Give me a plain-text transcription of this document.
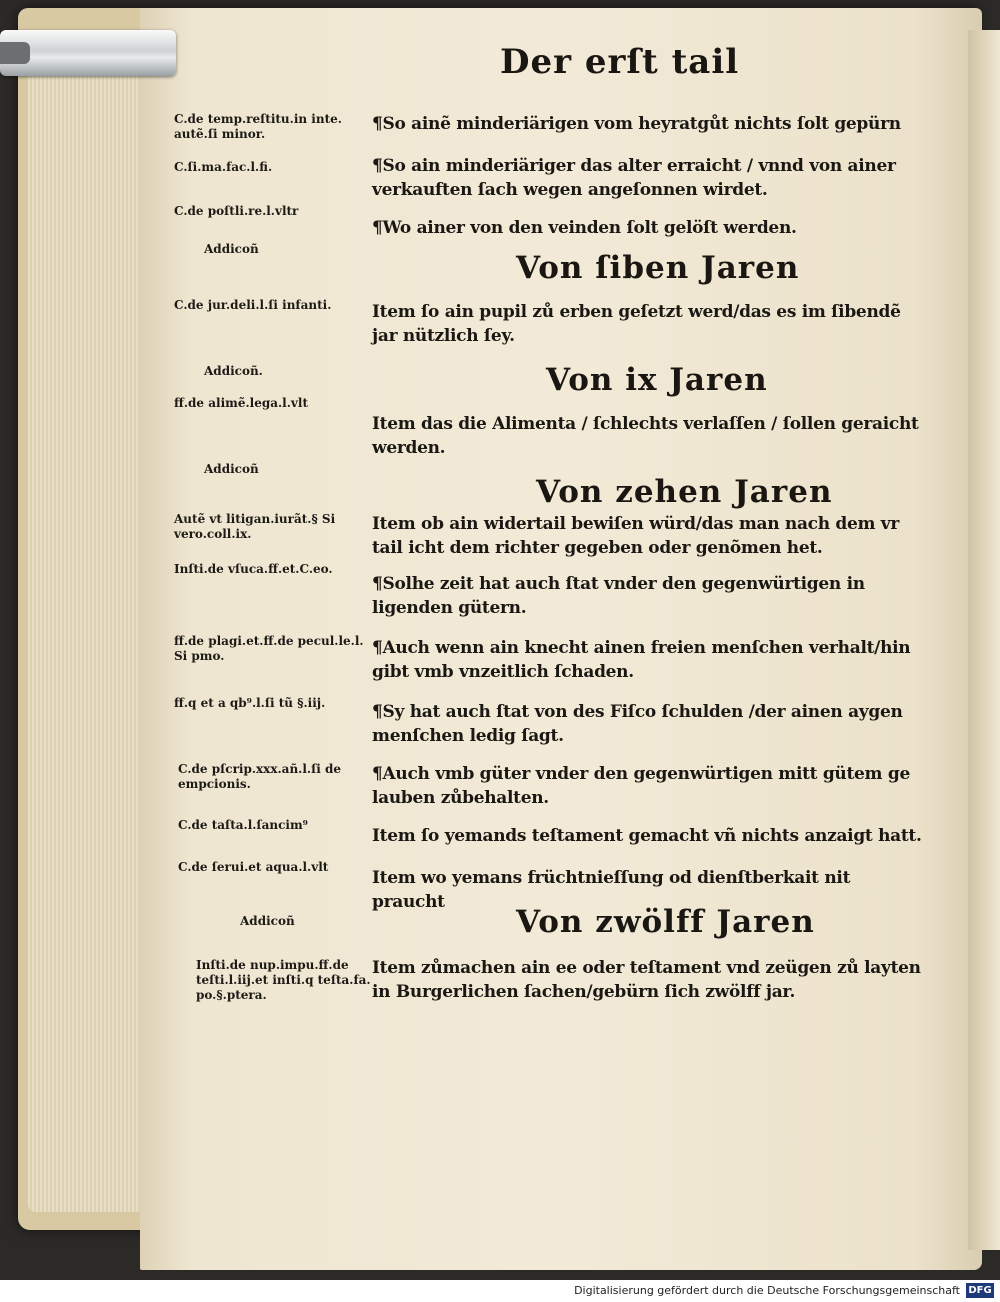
Der erſt tail
C.de temp.reſtitu.in inte. autẽ.ſi minor.
C.ſi.ma.fac.l.fi.
C.de poſtli.re.l.vltr
Addicoñ
C.de jur.deli.l.ſi infanti.
Addicoñ.
ff.de alimẽ.lega.l.vlt
Addicoñ
Autẽ vt litigan.iurãt.§ Si vero.coll.ix.
Inſti.de vſuca.ff.et.C.eo.
ff.de plagi.et.ff.de pecul.le.l. Si pmo.
ff.q et a qb⁹.l.ſi tũ §.iij.
C.de pſcrip.xxx.añ.l.ſi de empcionis.
C.de taſta.l.ſancim⁹
C.de ſerui.et aqua.l.vlt
Addicoñ
Inſti.de nup.impu.ff.de teſti.l.iij.et inſti.q teſta.fa. po.§.ptera.
¶So ainẽ minderiärigen vom heyratgůt nichts ſolt gepürn
¶So ain minderiäriger das alter erraicht / vnnd von ainer verkauften ſach wegen angeſonnen wirdet.
¶Wo ainer von den veinden ſolt gelöſt werden.
Von ſiben Jaren
Item ſo ain pupil zů erben geſetzt werd/das es im ſibendẽ jar nützlich ſey.
Von ix Jaren
Item das die Alimenta / ſchlechts verlaſſen / ſollen geraicht werden.
Von zehen Jaren
Item ob ain widertail bewiſen würd/das man nach dem vr tail icht dem richter gegeben oder genõmen het.
¶Solhe zeit hat auch ſtat vnder den gegenwürtigen in ligenden gütern.
¶Auch wenn ain knecht ainen freien menſchen verhalt/hin gibt vmb vnzeitlich ſchaden.
¶Sy hat auch ſtat von des Fiſco ſchulden /der ainen aygen menſchen ledig ſagt.
¶Auch vmb güter vnder den gegenwürtigen mitt gütem ge lauben zůbehalten.
Item ſo yemands teſtament gemacht vñ nichts anzaigt hatt.
Item wo yemans früchtnieſſung od dienſtberkait nit praucht
Von zwölff Jaren
Item zůmachen ain ee oder teſtament vnd zeügen zů layten in Burgerlichen ſachen/gebürn ſich zwölff jar.
Digitalisierung gefördert durch die Deutsche Forschungsgemeinschaft DFG
